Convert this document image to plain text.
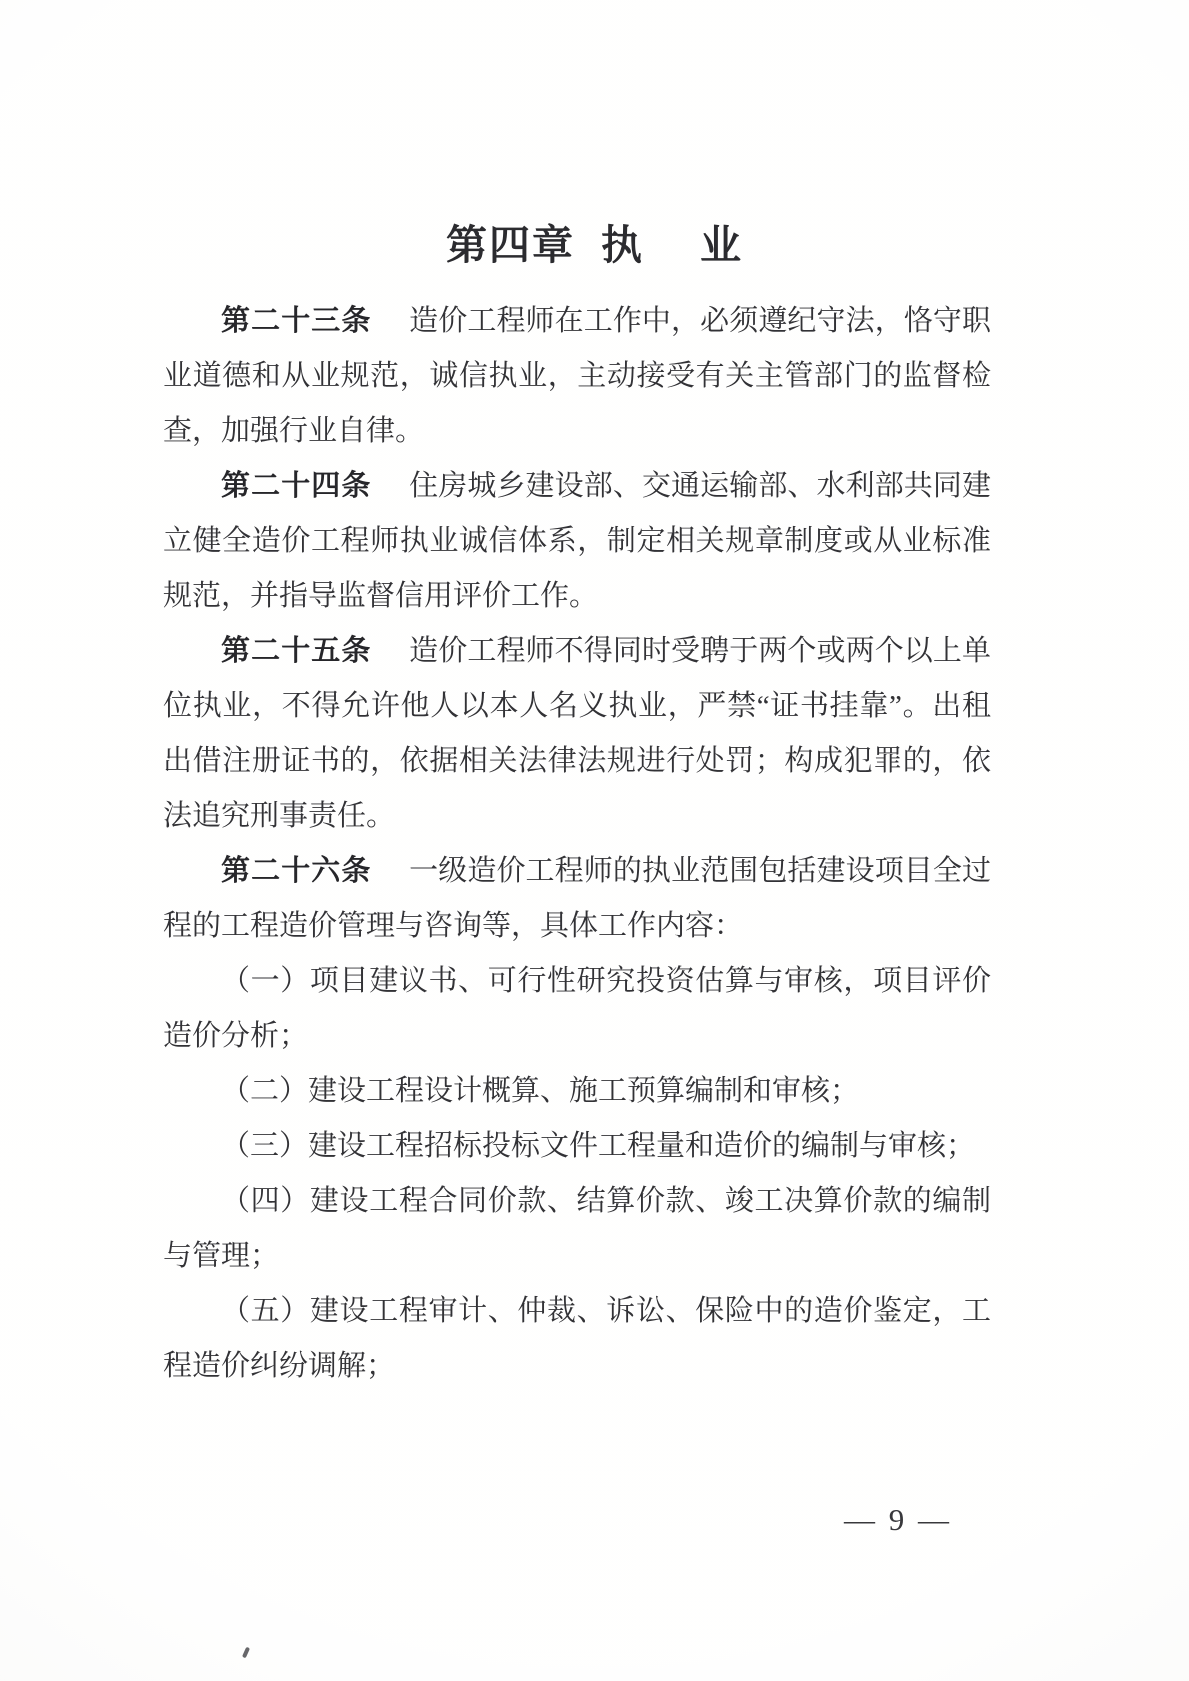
第四章 执 业

第二十三条 造价工程师在工作中，必须遵纪守法，恪守职业道德和从业规范，诚信执业，主动接受有关主管部门的监督检查，加强行业自律。

第二十四条 住房城乡建设部、交通运输部、水利部共同建立健全造价工程师执业诚信体系，制定相关规章制度或从业标准规范，并指导监督信用评价工作。

第二十五条 造价工程师不得同时受聘于两个或两个以上单位执业，不得允许他人以本人名义执业，严禁“证书挂靠”。出租出借注册证书的，依据相关法律法规进行处罚；构成犯罪的，依法追究刑事责任。

第二十六条 一级造价工程师的执业范围包括建设项目全过程的工程造价管理与咨询等，具体工作内容：

（一）项目建议书、可行性研究投资估算与审核，项目评价造价分析；

（二）建设工程设计概算、施工预算编制和审核；

（三）建设工程招标投标文件工程量和造价的编制与审核；

（四）建设工程合同价款、结算价款、竣工决算价款的编制与管理；

（五）建设工程审计、仲裁、诉讼、保险中的造价鉴定，工程造价纠纷调解；

— 9 —
